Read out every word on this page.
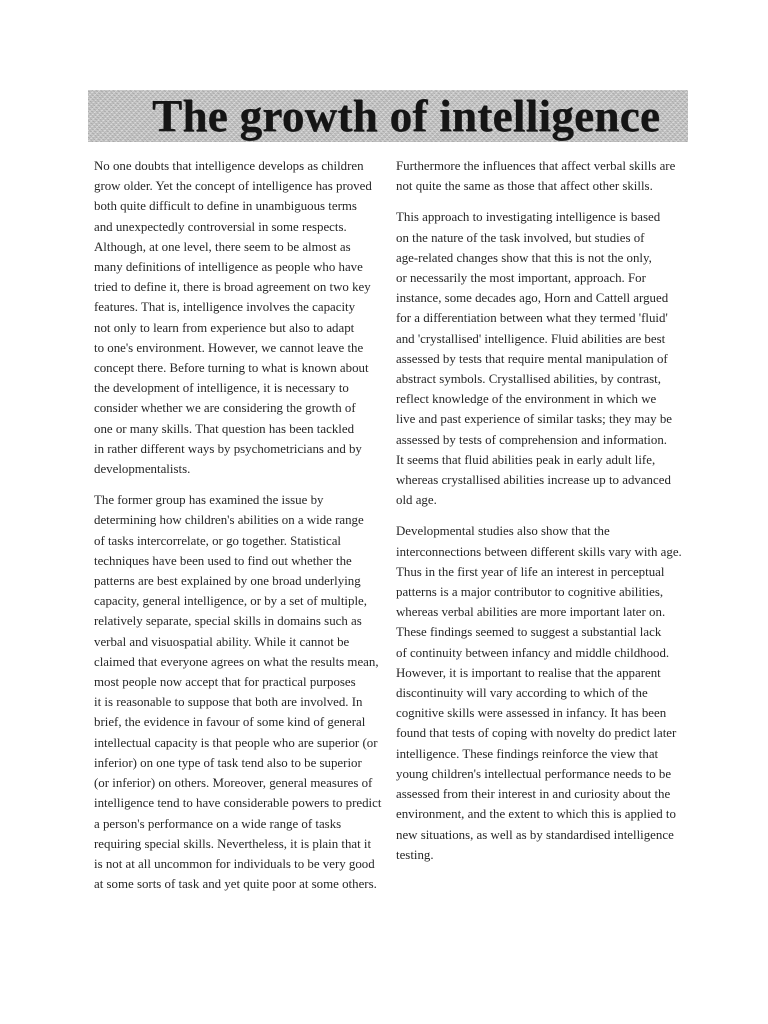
The growth of intelligence

No one doubts that intelligence develops as children
grow older. Yet the concept of intelligence has proved
both quite difficult to define in unambiguous terms
and unexpectedly controversial in some respects.
Although, at one level, there seem to be almost as
many definitions of intelligence as people who have
tried to define it, there is broad agreement on two key
features. That is, intelligence involves the capacity
not only to learn from experience but also to adapt
to one's environment. However, we cannot leave the
concept there. Before turning to what is known about
the development of intelligence, it is necessary to
consider whether we are considering the growth of
one or many skills. That question has been tackled
in rather different ways by psychometricians and by
developmentalists.

The former group has examined the issue by
determining how children's abilities on a wide range
of tasks intercorrelate, or go together. Statistical
techniques have been used to find out whether the
patterns are best explained by one broad underlying
capacity, general intelligence, or by a set of multiple,
relatively separate, special skills in domains such as
verbal and visuospatial ability. While it cannot be
claimed that everyone agrees on what the results mean,
most people now accept that for practical purposes
it is reasonable to suppose that both are involved. In
brief, the evidence in favour of some kind of general
intellectual capacity is that people who are superior (or
inferior) on one type of task tend also to be superior
(or inferior) on others. Moreover, general measures of
intelligence tend to have considerable powers to predict
a person's performance on a wide range of tasks
requiring special skills. Nevertheless, it is plain that it
is not at all uncommon for individuals to be very good
at some sorts of task and yet quite poor at some others.

Furthermore the influences that affect verbal skills are
not quite the same as those that affect other skills.

This approach to investigating intelligence is based
on the nature of the task involved, but studies of
age-related changes show that this is not the only,
or necessarily the most important, approach. For
instance, some decades ago, Horn and Cattell argued
for a differentiation between what they termed 'fluid'
and 'crystallised' intelligence. Fluid abilities are best
assessed by tests that require mental manipulation of
abstract symbols. Crystallised abilities, by contrast,
reflect knowledge of the environment in which we
live and past experience of similar tasks; they may be
assessed by tests of comprehension and information.
It seems that fluid abilities peak in early adult life,
whereas crystallised abilities increase up to advanced
old age.

Developmental studies also show that the
interconnections between different skills vary with age.
Thus in the first year of life an interest in perceptual
patterns is a major contributor to cognitive abilities,
whereas verbal abilities are more important later on.
These findings seemed to suggest a substantial lack
of continuity between infancy and middle childhood.
However, it is important to realise that the apparent
discontinuity will vary according to which of the
cognitive skills were assessed in infancy. It has been
found that tests of coping with novelty do predict later
intelligence. These findings reinforce the view that
young children's intellectual performance needs to be
assessed from their interest in and curiosity about the
environment, and the extent to which this is applied to
new situations, as well as by standardised intelligence
testing.
